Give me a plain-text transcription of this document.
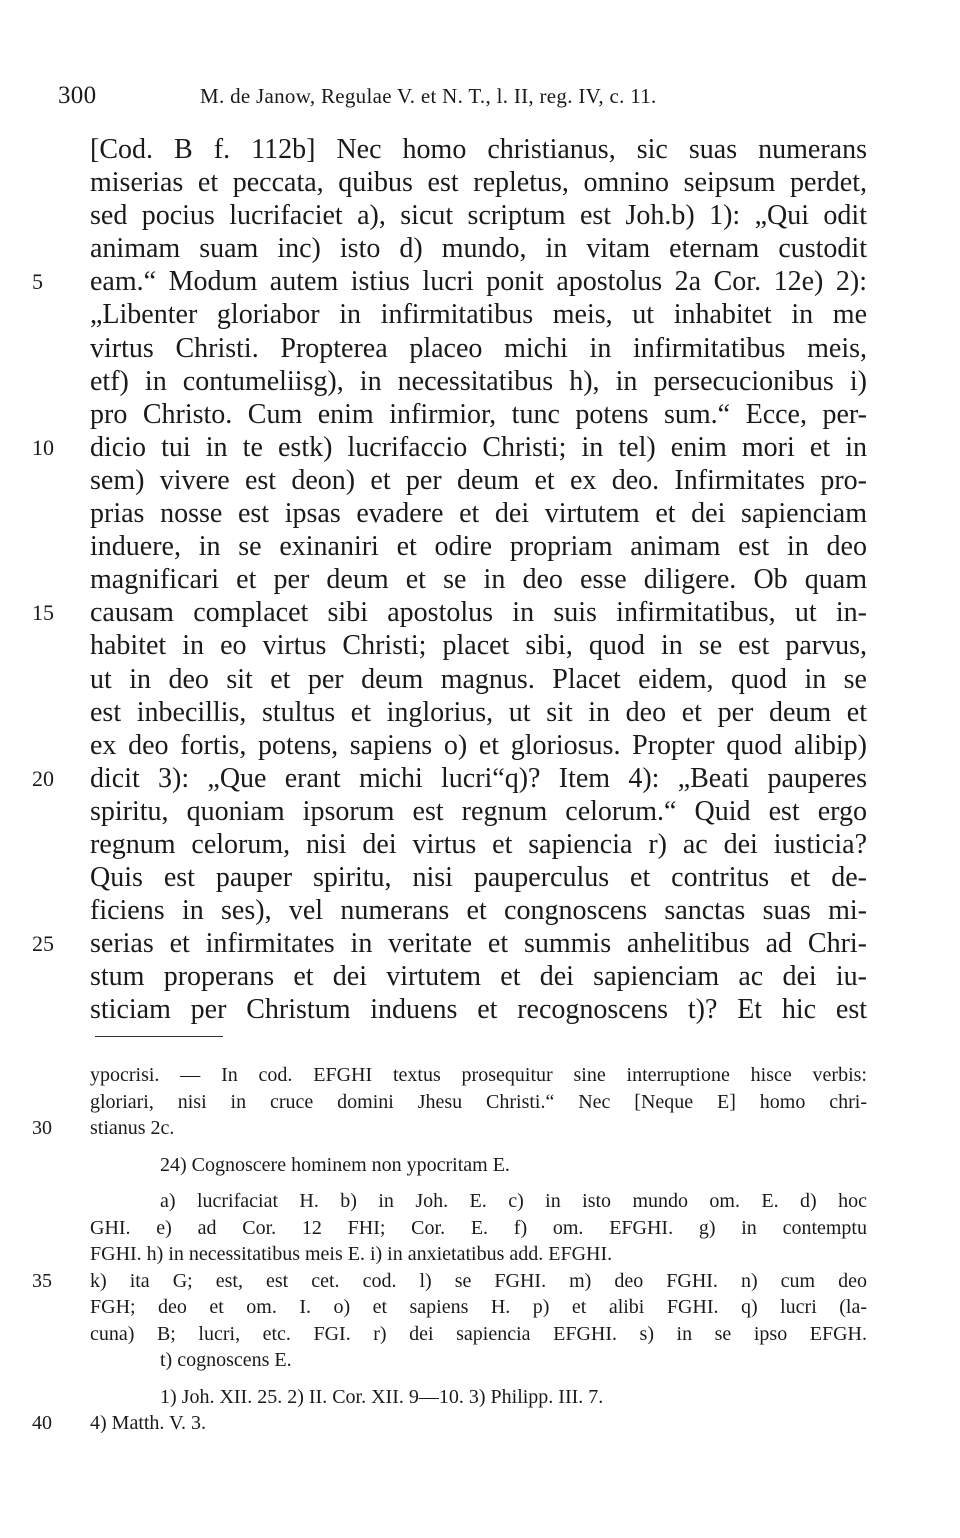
300	M. de Janow, Regulae V. et N. T., l. II, reg. IV, c. 11.
[Cod. B f. 112b] Nec homo christianus, sic suas numerans
miserias et peccata, quibus est repletus, omnino seipsum perdet,
sed pocius lucrifaciet a), sicut scriptum est Joh.b) 1): „Qui odit
animam suam inc) isto d) mundo, in vitam eternam custodit
5	eam.“ Modum autem istius lucri ponit apostolus 2a Cor. 12e) 2):
„Libenter gloriabor in infirmitatibus meis, ut inhabitet in me
virtus Christi. Propterea placeo michi in infirmitatibus meis,
etf) in contumeliisg), in necessitatibus h), in persecucionibus i)
pro Christo. Cum enim infirmior, tunc potens sum.“ Ecce, per-
10 dicio tui in te estk) lucrifaccio Christi; in tel) enim mori et in
sem) vivere est deon) et per deum et ex deo. Infirmitates pro-
prias nosse est ipsas evadere et dei virtutem et dei sapienciam
induere, in se exinaniri et odire propriam animam est in deo
magnificari et per deum et se in deo esse diligere. Ob quam
15 causam complacet sibi apostolus in suis infirmitatibus, ut in-
habitet in eo virtus Christi; placet sibi, quod in se est parvus,
ut in deo sit et per deum magnus. Placet eidem, quod in se
est inbecillis, stultus et inglorius, ut sit in deo et per deum et
ex deo fortis, potens, sapiens o) et gloriosus. Propter quod alibip)
20 dicit 3): „Que erant michi lucri“q)? Item 4): „Beati pauperes
spiritu, quoniam ipsorum est regnum celorum.“ Quid est ergo
regnum celorum, nisi dei virtus et sapiencia r) ac dei iusticia?
Quis est pauper spiritu, nisi pauperculus et contritus et de-
ficiens in ses), vel numerans et congnoscens sanctas suas mi-
25 serias et infirmitates in veritate et summis anhelitibus ad Chri-
stum properans et dei virtutem et dei sapienciam ac dei iu-
sticiam per Christum induens et recognoscens t)? Et hic est
ypocrisi. — In cod. EFGHI textus prosequitur sine interruptione hisce verbis:
gloriari, nisi in cruce domini Jhesu Christi.“ Nec [Neque E] homo chri-
30 stianus 2c.
24) Cognoscere hominem non ypocritam E.
a) lucrifaciat H. b) in Joh. E. c) in isto mundo om. E. d) hoc
GHI. e) ad Cor. 12 FHI; Cor. E. f) om. EFGHI. g) in contemptu
FGHI. h) in necessitatibus meis E. i) in anxietatibus add. EFGHI.
35 k) ita G; est, est cet. cod. l) se FGHI. m) deo FGHI. n) cum deo
FGH; deo et om. I. o) et sapiens H. p) et alibi FGHI. q) lucri (la-
cuna) B; lucri, etc. FGI. r) dei sapiencia EFGHI. s) in se ipso EFGH.
t) cognoscens E.
1) Joh. XII. 25. 2) II. Cor. XII. 9—10. 3) Philipp. III. 7.
40 4) Matth. V. 3.
